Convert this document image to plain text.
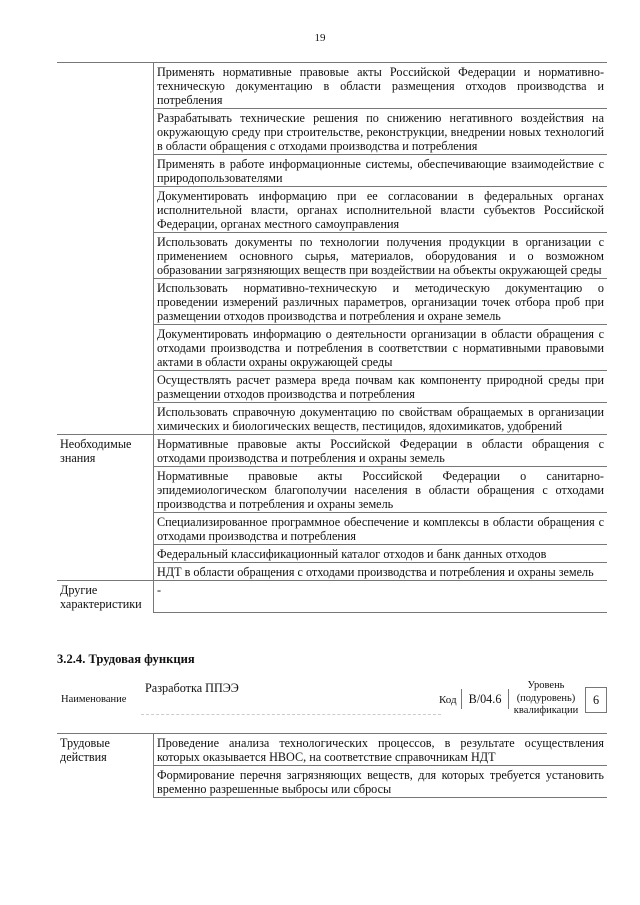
19
	Применять нормативные правовые акты Российской Федерации и нормативно-техническую документацию в области размещения отходов производства и потребления
	Разрабатывать технические решения по снижению негативного воздействия на окружающую среду при строительстве, реконструкции, внедрении новых технологий в области обращения с отходами производства и потребления
	Применять в работе информационные системы, обеспечивающие взаимодействие с природопользователями
	Документировать информацию при ее согласовании в федеральных органах исполнительной власти, органах исполнительной власти субъектов Российской Федерации, органах местного самоуправления
	Использовать документы по технологии получения продукции в организации с применением основного сырья, материалов, оборудования и о возможном образовании загрязняющих веществ при воздействии на объекты окружающей среды
	Использовать нормативно-техническую и методическую документацию о проведении измерений различных параметров, организации точек отбора проб при размещении отходов производства и потребления и охране земель
	Документировать информацию о деятельности организации в области обращения с отходами производства и потребления в соответствии с нормативными правовыми актами в области охраны окружающей среды
	Осуществлять расчет размера вреда почвам как компоненту природной среды при размещении отходов производства и потребления
	Использовать справочную документацию по свойствам обращаемых в организации химических и биологических веществ, пестицидов, ядохимикатов, удобрений
Необходимые знания	Нормативные правовые акты Российской Федерации в области обращения с отходами производства и потребления и охраны земель
	Нормативные правовые акты Российской Федерации о санитарно-эпидемиологическом благополучии населения в области обращения с отходами производства и потребления и охраны земель
	Специализированное программное обеспечение и комплексы в области обращения с отходами производства и потребления
	Федеральный классификационный каталог отходов и банк данных отходов
	НДТ в области обращения с отходами производства и потребления и охраны земель
Другие характеристики	-
3.2.4. Трудовая функция
Наименование
Разработка ППЭЭ
Код B/04.6
Уровень (подуровень) квалификации
6
Трудовые действия	Проведение анализа технологических процессов, в результате осуществления которых оказывается НВОС, на соответствие справочникам НДТ
	Формирование перечня загрязняющих веществ, для которых требуется установить временно разрешенные выбросы или сбросы
